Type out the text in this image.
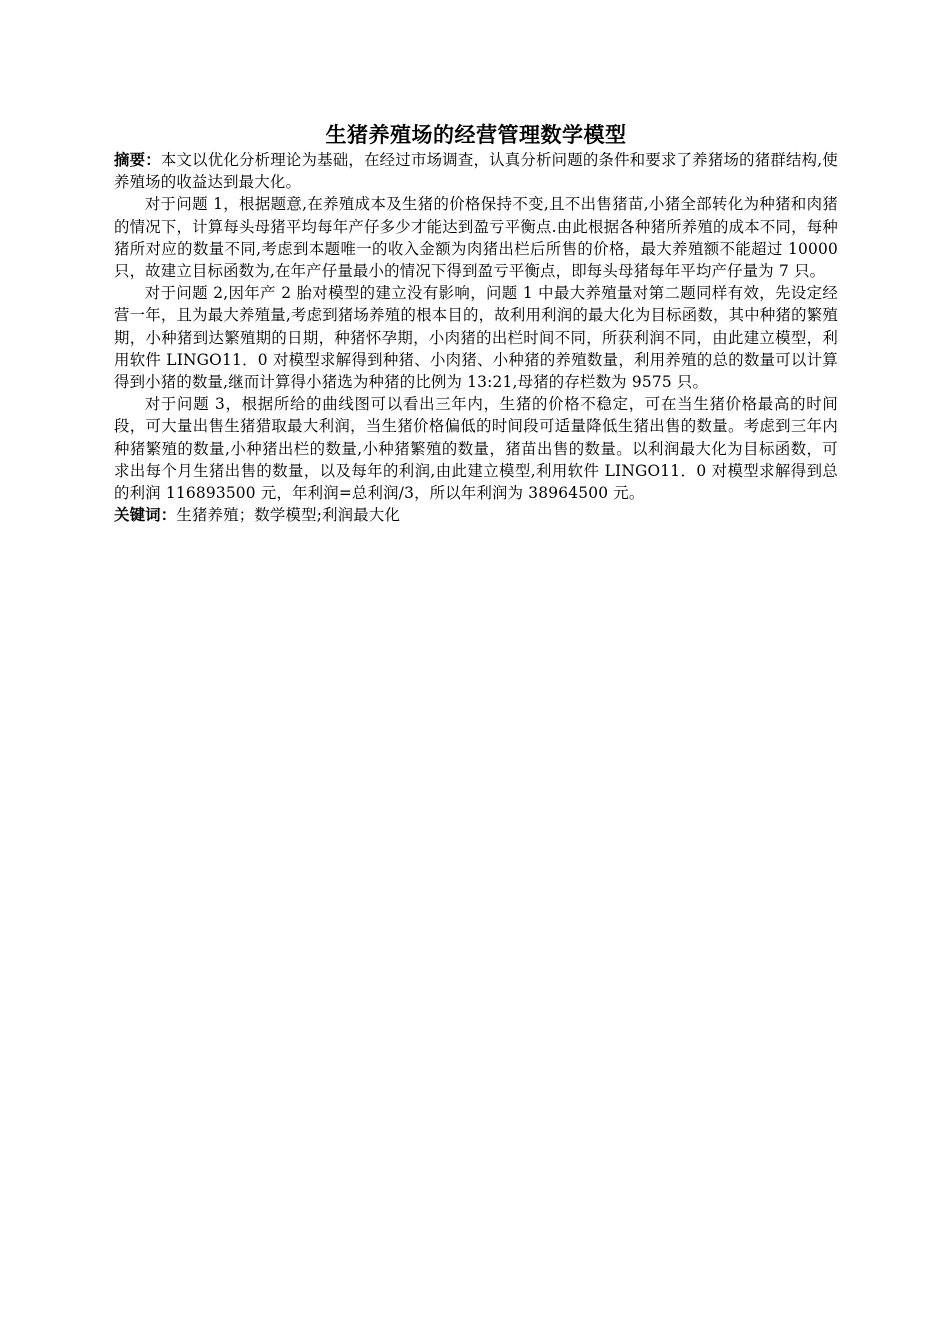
生猪养殖场的经营管理数学模型

摘要：本文以优化分析理论为基础，在经过市场调查，认真分析问题的条件和要求了养猪场的猪群结构,使养殖场的收益达到最大化。

对于问题 1，根据题意,在养殖成本及生猪的价格保持不变,且不出售猪苗,小猪全部转化为种猪和肉猪的情况下，计算每头母猪平均每年产仔多少才能达到盈亏平衡点.由此根据各种猪所养殖的成本不同，每种猪所对应的数量不同,考虑到本题唯一的收入金额为肉猪出栏后所售的价格，最大养殖额不能超过 10000 只，故建立目标函数为,在年产仔量最小的情况下得到盈亏平衡点，即每头母猪每年平均产仔量为 7 只。

对于问题 2,因年产 2 胎对模型的建立没有影响，问题 1 中最大养殖量对第二题同样有效，先设定经营一年，且为最大养殖量,考虑到猪场养殖的根本目的，故利用利润的最大化为目标函数，其中种猪的繁殖期，小种猪到达繁殖期的日期，种猪怀孕期，小肉猪的出栏时间不同，所获利润不同，由此建立模型，利用软件 LINGO11．0 对模型求解得到种猪、小肉猪、小种猪的养殖数量，利用养殖的总的数量可以计算得到小猪的数量,继而计算得小猪选为种猪的比例为 13:21,母猪的存栏数为 9575 只。

对于问题 3，根据所给的曲线图可以看出三年内，生猪的价格不稳定，可在当生猪价格最高的时间段，可大量出售生猪猎取最大利润，当生猪价格偏低的时间段可适量降低生猪出售的数量。考虑到三年内种猪繁殖的数量,小种猪出栏的数量,小种猪繁殖的数量，猪苗出售的数量。以利润最大化为目标函数，可求出每个月生猪出售的数量，以及每年的利润,由此建立模型,利用软件 LINGO11．0 对模型求解得到总的利润 116893500 元，年利润=总利润/3，所以年利润为 38964500 元。

关键词：生猪养殖；数学模型;利润最大化
